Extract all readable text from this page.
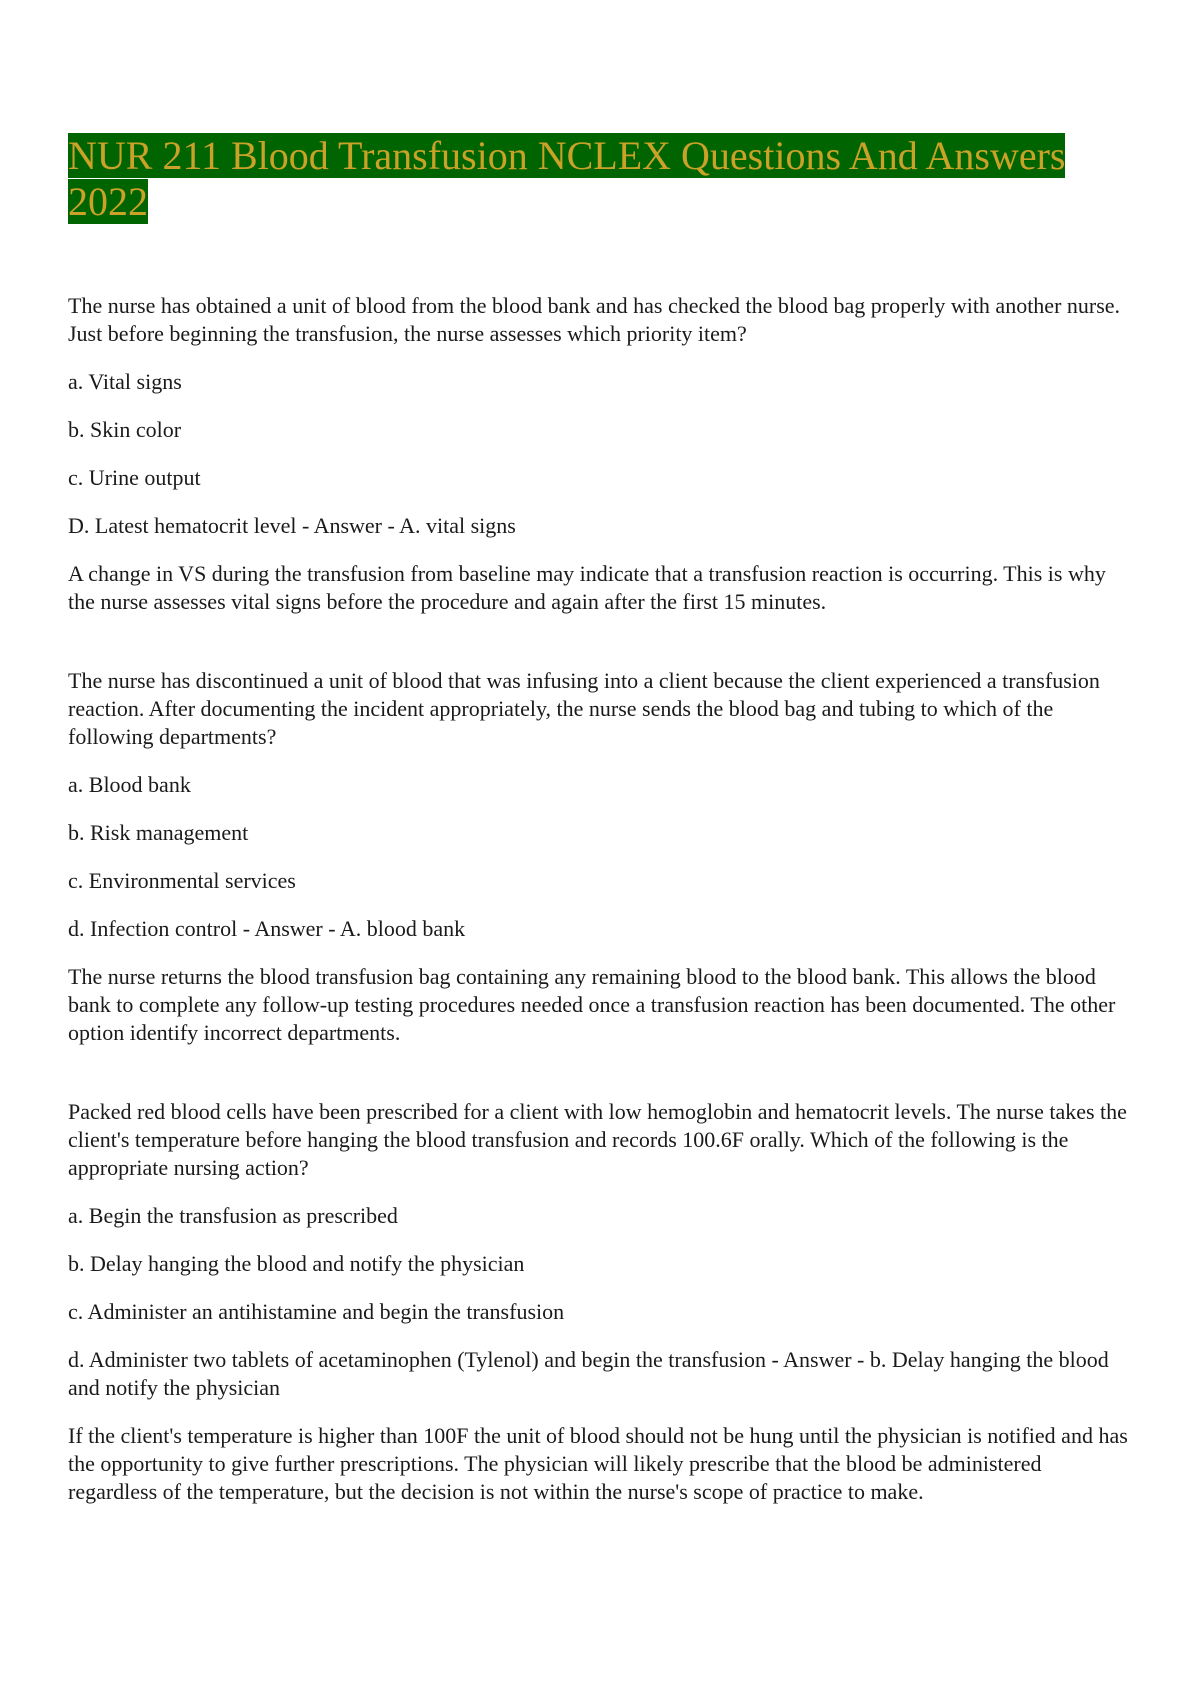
NUR 211 Blood Transfusion NCLEX Questions And Answers 2022

The nurse has obtained a unit of blood from the blood bank and has checked the blood bag properly with another nurse. Just before beginning the transfusion, the nurse assesses which priority item?

a. Vital signs

b. Skin color

c. Urine output

D. Latest hematocrit level - Answer - A. vital signs

A change in VS during the transfusion from baseline may indicate that a transfusion reaction is occurring. This is why the nurse assesses vital signs before the procedure and again after the first 15 minutes.

The nurse has discontinued a unit of blood that was infusing into a client because the client experienced a transfusion reaction. After documenting the incident appropriately, the nurse sends the blood bag and tubing to which of the following departments?

a. Blood bank

b. Risk management

c. Environmental services

d. Infection control - Answer - A. blood bank

The nurse returns the blood transfusion bag containing any remaining blood to the blood bank. This allows the blood bank to complete any follow-up testing procedures needed once a transfusion reaction has been documented. The other option identify incorrect departments.

Packed red blood cells have been prescribed for a client with low hemoglobin and hematocrit levels. The nurse takes the client's temperature before hanging the blood transfusion and records 100.6F orally. Which of the following is the appropriate nursing action?

a. Begin the transfusion as prescribed

b. Delay hanging the blood and notify the physician

c. Administer an antihistamine and begin the transfusion

d. Administer two tablets of acetaminophen (Tylenol) and begin the transfusion - Answer - b. Delay hanging the blood and notify the physician

If the client's temperature is higher than 100F the unit of blood should not be hung until the physician is notified and has the opportunity to give further prescriptions. The physician will likely prescribe that the blood be administered regardless of the temperature, but the decision is not within the nurse's scope of practice to make.
